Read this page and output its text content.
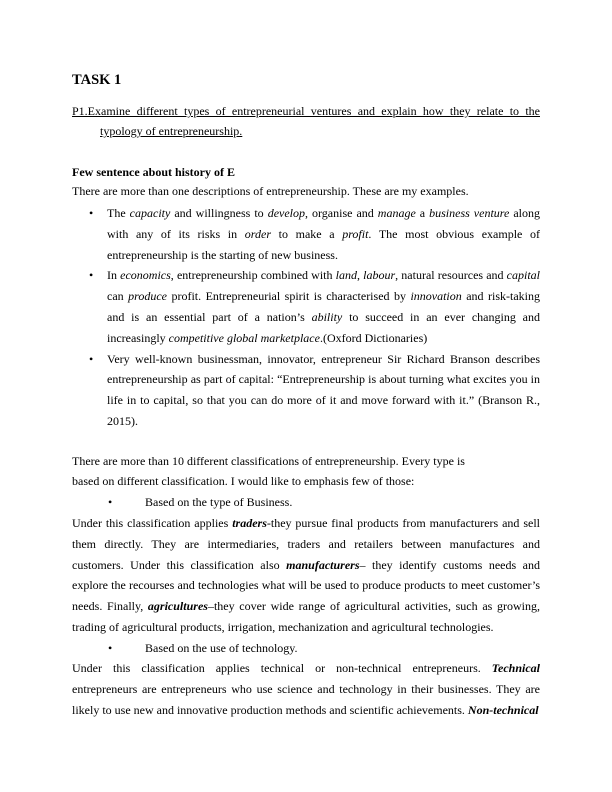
TASK 1
P1.Examine different types of entrepreneurial ventures and explain how they relate to the
typology of entrepreneurship.
Few sentence about history of E
There are more than one descriptions of entrepreneurship. These are my examples.
• The capacity and willingness to develop, organise and manage a business venture along with any of its risks in order to make a profit. The most obvious example of entrepreneurship is the starting of new business.
• In economics, entrepreneurship combined with land, labour, natural resources and capital can produce profit. Entrepreneurial spirit is characterised by innovation and risk-taking and is an essential part of a nation’s ability to succeed in an ever changing and increasingly competitive global marketplace.(Oxford Dictionaries)
• Very well-known businessman, innovator, entrepreneur Sir Richard Branson describes entrepreneurship as part of capital: “Entrepreneurship is about turning what excites you in life in to capital, so that you can do more of it and move forward with it.” (Branson R., 2015).
There are more than 10 different classifications of entrepreneurship. Every type is
based on different classification. I would like to emphasis few of those:
•	Based on the type of Business.
Under this classification applies traders-they pursue final products from manufacturers and sell them directly. They are intermediaries, traders and retailers between manufactures and customers. Under this classification also manufacturers– they identify customs needs and explore the recourses and technologies what will be used to produce products to meet customer’s needs. Finally, agricultures–they cover wide range of agricultural activities, such as growing, trading of agricultural products, irrigation, mechanization and agricultural technologies.
•	Based on the use of technology.
Under this classification applies technical or non-technical entrepreneurs. Technical entrepreneurs are entrepreneurs who use science and technology in their businesses. They are likely to use new and innovative production methods and scientific achievements. Non-technical
